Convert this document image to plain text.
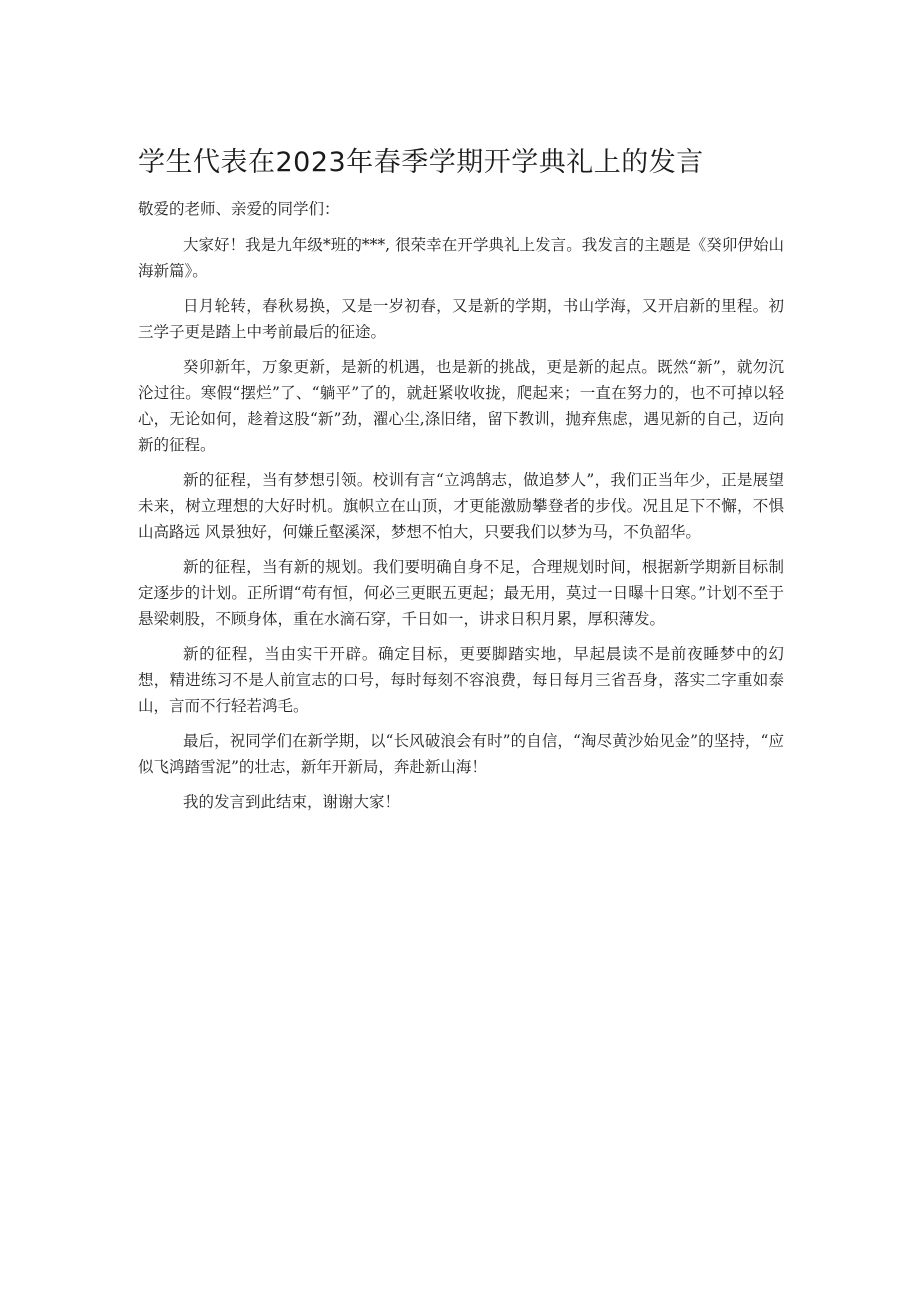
学生代表在2023年春季学期开学典礼上的发言

敬爱的老师、亲爱的同学们：

大家好！我是九年级*班的***, 很荣幸在开学典礼上发言。我发言的主题是《癸卯伊始山海新篇》。

日月轮转，春秋易换，又是一岁初春，又是新的学期，书山学海，又开启新的里程。初三学子更是踏上中考前最后的征途。

癸卯新年，万象更新，是新的机遇，也是新的挑战，更是新的起点。既然“新”，就勿沉沦过往。寒假“摆烂”了、“躺平”了的，就赶紧收收拢，爬起来；一直在努力的，也不可掉以轻心，无论如何，趁着这股“新”劲，濯心尘,涤旧绪，留下教训，抛弃焦虑，遇见新的自己，迈向新的征程。

新的征程，当有梦想引领。校训有言“立鸿鹄志，做追梦人”，我们正当年少，正是展望未来，树立理想的大好时机。旗帜立在山顶，才更能激励攀登者的步伐。况且足下不懈，不惧山高路远 风景独好，何嫌丘壑溪深，梦想不怕大，只要我们以梦为马，不负韶华。

新的征程，当有新的规划。我们要明确自身不足，合理规划时间，根据新学期新目标制定逐步的计划。正所谓“苟有恒，何必三更眠五更起；最无用，莫过一日曝十日寒。”计划不至于悬梁刺股，不顾身体，重在水滴石穿，千日如一，讲求日积月累，厚积薄发。

新的征程，当由实干开辟。确定目标，更要脚踏实地，早起晨读不是前夜睡梦中的幻想，精进练习不是人前宣志的口号，每时每刻不容浪费，每日每月三省吾身，落实二字重如泰山，言而不行轻若鸿毛。

最后，祝同学们在新学期，以“长风破浪会有时”的自信，“淘尽黄沙始见金”的坚持，“应似飞鸿踏雪泥”的壮志，新年开新局，奔赴新山海！

我的发言到此结束，谢谢大家！
